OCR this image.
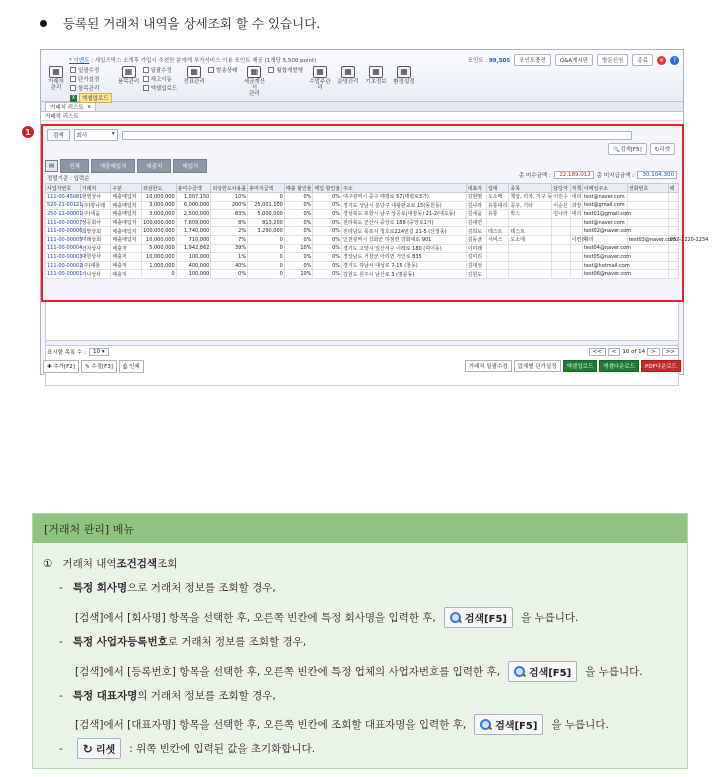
등록된 거래처 내역을 상세조회 할 수 있습니다.
* 이벤트 : 세일즈박스 소개후 가입시 추천한 분에게 부가서비스 이용 포인트 제공 (1개당 5,500 point)	포인트 : 99,505	포인트충전	Q&A게시판	방문신청	종료	×	?
▦
거래처
관리
일괄수정
단가설정
항목관리
X	엑셀업로드
▦
품목관리
일괄수정
재고이동
엑셀업로드
▦
전표관리
발송상태	▦
세금계산서
관리
월합계발행	▦
수발주관리
▦
운영관리
▦
기초정보
▦
환경설정
거래처 리스트 x
거래처 리스트
검색	회사	▾
🔍검색[F5]	↻리셋
▤	전체	매출매입처	매출처	매입처
정렬기준 : 입력순	총 미수금액 :	22,189,012	총 미지급금액 :	30,104,300
사업자번호	거래처	구분	외상한도	총미수금액	외상한도사용률	총미지급액	매출 할인율	매입 할인율	주소	대표자	업태	종목	담당자	직책	이메일주소	전화번호	팩
111-00-45081	현명상사	매출매입처	10,000,000	1,007,150	10%	0	0%	0%	대구광역시 중구 태평로 57(태평로3가)	김현명	도소매	책상, 의자, 가구 등	이민수	대리	test@naver.com		
520-21-00121	(주)광나래	매출매입처	3,000,000	6,000,000	200%	25,001,100	0%	0%	경기도 성남시 분당구 대왕판교로 15(동원동)	김나라	유통대리	공구, 기타	이순신	과장	test@gmail.com		
250-11-00001	(주)세움	매출매입처	3,000,000	2,500,000	83%	5,000,000	0%	0%	경상북도 포항시 남구 상공로(대잠동) 21-2(대도동)	김세움	유통	박스	김나라	대리	test01@gmail.com		
111-00-00007	성공회사	매출매입처	100,000,000	7,609,000	8%	813,200	0%	0%	전라북도 군산시 중앙로 188 (중앙로1가)	김대연					test@naver.com		
111-00-00006	희망상회	매출매입처	100,000,000	1,740,000	2%	3,290,000	0%	0%	전라남도 목포시 청호로224번길 21-5 (산정동)	김희도	테스트	테스트			test02@naver.com		
111-00-00005	미래상회	매출매입처	10,000,000	710,000	7%	0	0%	0%	인천광역시 강화군 하점면 강화대로 901	김동균	서비스	도소매		이컨리	대리	test03@naver.com	032-2220-1234
111-00-00004	건자상사	매출처	5,000,000	1,942,862	39%	0	10%	0%	경기도 고양시 일산서구 이레로 180 (덕이동)	이미래					test04@naver.com		
111-00-00003	대한상사	매출처	10,000,000	100,000	1%	0	0%	0%	경상남도 거창군 아리면 거인로 835	김미리					test05@naver.com		
111-00-00002	(주)대룡	매출처	1,000,000	400,000	40%	0	0%	0%	경기도 하남시 대성로 7-15 (창동)	김대성					test@hotmail.com		
111-00-00001	가나상사	매출처	0	100,000	0%	0	10%	0%	강원도 원주시 남산로 3 (명륜동)	김원도					test06@naver.com		
표시할 목록 수 :	10 ▾	<<	<	10 of 14	>	>>
✚ 추가[F2]	✎ 수정[F3]	⎙ 인쇄	거래처 일괄수정	업체별 단가설정	엑셀업로드	엑셀다운로드	PDF다운로드
1
[거래처 관리] 메뉴
① 거래처 내역 조건검색 조회
- 특정 회사명 으로 거래처 정보를 조회할 경우,
[검색]에서 [회사명] 항목을 선택한 후, 오른쪽 빈칸에 특정 회사명을 입력한 후,	검색[F5] 을 누릅니다.
- 특정 사업자등록번호 로 거래처 정보를 조회할 경우,
[검색]에서 [등록번호] 항목을 선택한 후, 오른쪽 빈칸에 특정 업체의 사업자번호를 입력한 후,	검색[F5] 을 누릅니다.
- 특정 대표자명 의 거래처 정보를 조회할 경우,
[검색]에서 [대표자명] 항목을 선택한 후, 오른쪽 빈칸에 조회할 대표자명을 입력한 후,	검색[F5] 을 누릅니다.
- ↻ 리셋 : 위쪽 빈칸에 입력된 값을 초기화합니다.
